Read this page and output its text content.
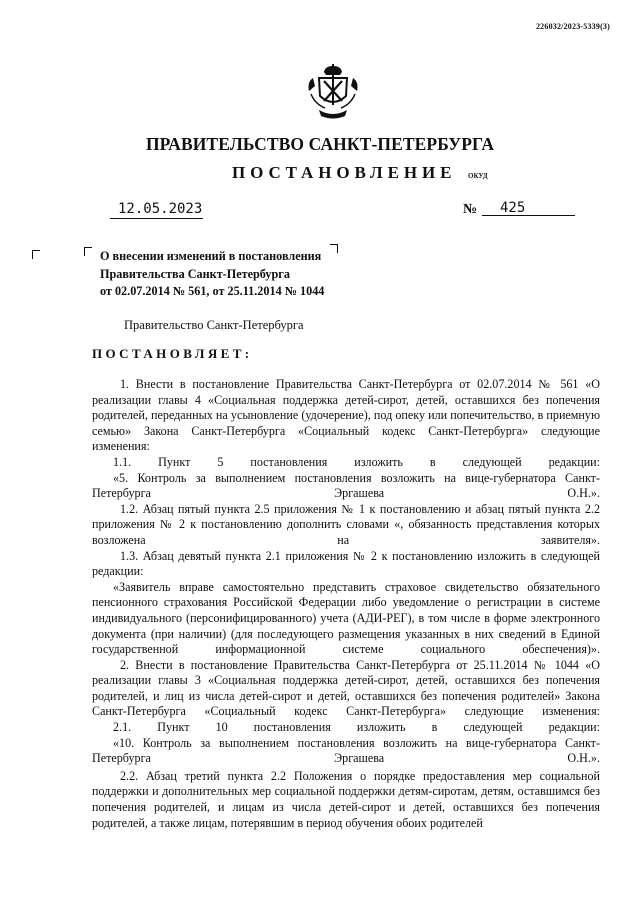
226032/2023-5339(3)
ПРАВИТЕЛЬСТВО САНКТ-ПЕТЕРБУРГА
ПОСТАНОВЛЕНИЕ ОКУД
12.05.2023	№ 425
О внесении изменений в постановления
Правительства Санкт-Петербурга
от 02.07.2014 № 561, от 25.11.2014 № 1044
Правительство Санкт-Петербурга
ПОСТАНОВЛЯЕТ:

1. Внести в постановление Правительства Санкт-Петербурга от 02.07.2014 № 561 «О реализации главы 4 «Социальная поддержка детей-сирот, детей, оставшихся без попечения родителей, переданных на усыновление (удочерение), под опеку или попечительство, в приемную семью» Закона Санкт-Петербурга «Социальный кодекс Санкт-Петербурга» следующие изменения:

1.1. Пункт 5 постановления изложить в следующей редакции:

«5. Контроль за выполнением постановления возложить на вице-губернатора Санкт-Петербурга Эргашева О.Н.».

1.2. Абзац пятый пункта 2.5 приложения № 1 к постановлению и абзац пятый пункта 2.2 приложения № 2 к постановлению дополнить словами «, обязанность представления которых возложена на заявителя».

1.3. Абзац девятый пункта 2.1 приложения № 2 к постановлению изложить в следующей редакции:

«Заявитель вправе самостоятельно представить страховое свидетельство обязательного пенсионного страхования Российской Федерации либо уведомление о регистрации в системе индивидуального (персонифицированного) учета (АДИ-РЕГ), в том числе в форме электронного документа (при наличии) (для последующего размещения указанных в них сведений в Единой государственной информационной системе социального обеспечения)».

2. Внести в постановление Правительства Санкт-Петербурга от 25.11.2014 № 1044 «О реализации главы 3 «Социальная поддержка детей-сирот, детей, оставшихся без попечения родителей, и лиц из числа детей-сирот и детей, оставшихся без попечения родителей» Закона Санкт-Петербурга «Социальный кодекс Санкт-Петербурга» следующие изменения:

2.1. Пункт 10 постановления изложить в следующей редакции:

«10. Контроль за выполнением постановления возложить на вице-губернатора Санкт-Петербурга Эргашева О.Н.».

2.2. Абзац третий пункта 2.2 Положения о порядке предоставления мер социальной поддержки и дополнительных мер социальной поддержки детям-сиротам, детям, оставшимся без попечения родителей, и лицам из числа детей-сирот и детей, оставшихся без попечения родителей, а также лицам, потерявшим в период обучения обоих родителей
